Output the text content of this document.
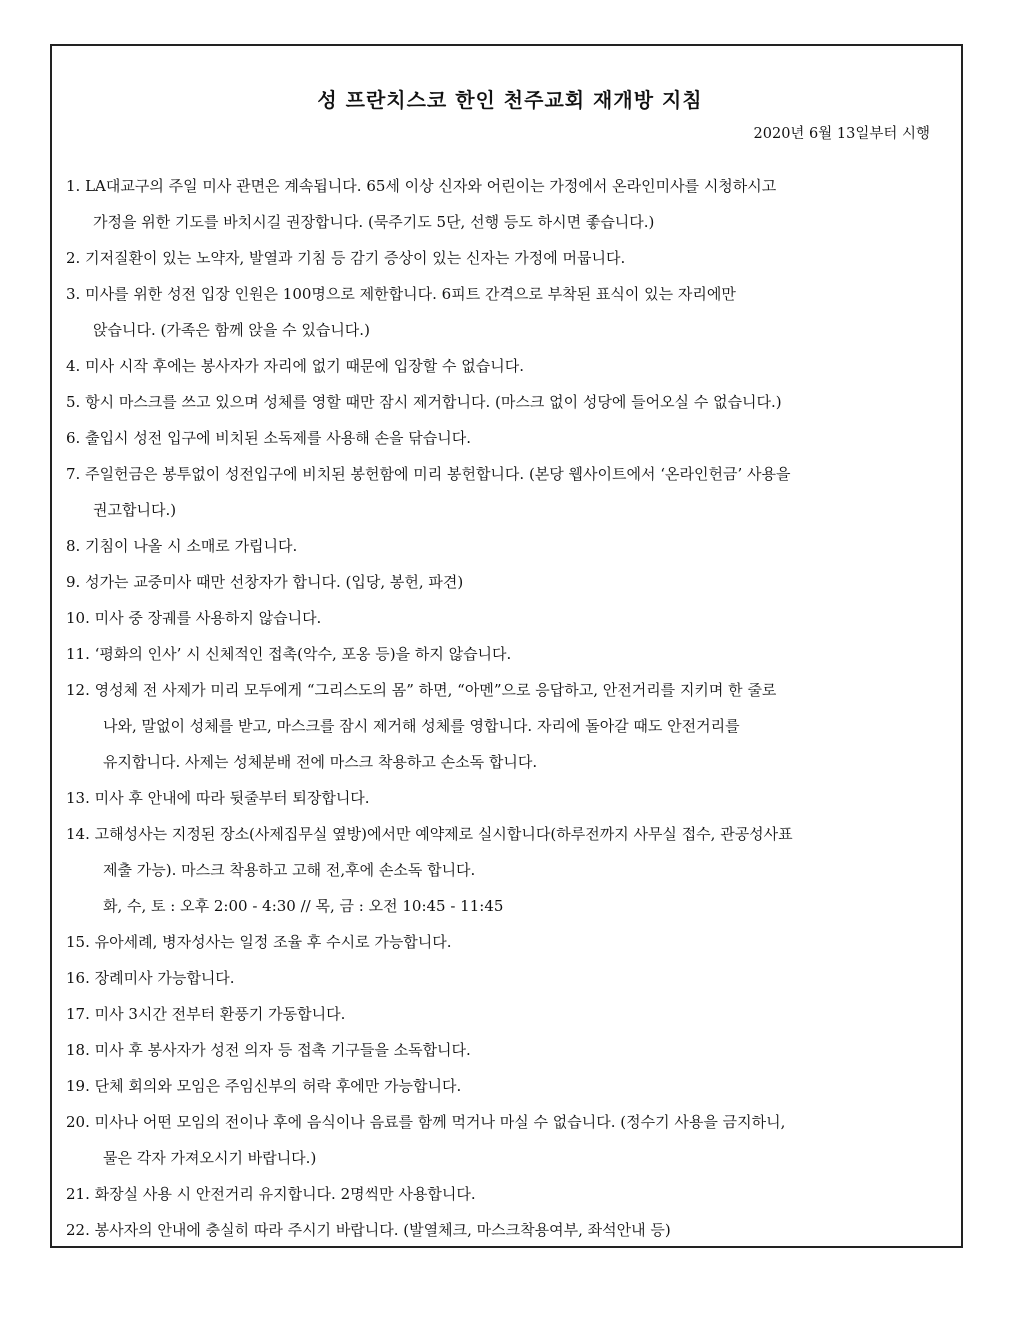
성 프란치스코 한인 천주교회 재개방 지침
2020년 6월 13일부터 시행
1. LA대교구의 주일 미사 관면은 계속됩니다. 65세 이상 신자와 어린이는 가정에서 온라인미사를 시청하시고
가정을 위한 기도를 바치시길 권장합니다. (묵주기도 5단, 선행 등도 하시면 좋습니다.)
2. 기저질환이 있는 노약자, 발열과 기침 등 감기 증상이 있는 신자는 가정에 머뭅니다.
3. 미사를 위한 성전 입장 인원은 100명으로 제한합니다. 6피트 간격으로 부착된 표식이 있는 자리에만
앉습니다. (가족은 함께 앉을 수 있습니다.)
4. 미사 시작 후에는 봉사자가 자리에 없기 때문에 입장할 수 없습니다.
5. 항시 마스크를 쓰고 있으며 성체를 영할 때만 잠시 제거합니다. (마스크 없이 성당에 들어오실 수 없습니다.)
6. 출입시 성전 입구에 비치된 소독제를 사용해 손을 닦습니다.
7. 주일헌금은 봉투없이 성전입구에 비치된 봉헌함에 미리 봉헌합니다. (본당 웹사이트에서 ‘온라인헌금’ 사용을
권고합니다.)
8. 기침이 나올 시 소매로 가립니다.
9. 성가는 교중미사 때만 선창자가 합니다. (입당, 봉헌, 파견)
10. 미사 중 장궤를 사용하지 않습니다.
11. ‘평화의 인사’ 시 신체적인 접촉(악수, 포옹 등)을 하지 않습니다.
12. 영성체 전 사제가 미리 모두에게 “그리스도의 몸” 하면, “아멘”으로 응답하고, 안전거리를 지키며 한 줄로
나와, 말없이 성체를 받고, 마스크를 잠시 제거해 성체를 영합니다. 자리에 돌아갈 때도 안전거리를
유지합니다. 사제는 성체분배 전에 마스크 착용하고 손소독 합니다.
13. 미사 후 안내에 따라 뒷줄부터 퇴장합니다.
14. 고해성사는 지정된 장소(사제집무실 옆방)에서만 예약제로 실시합니다(하루전까지 사무실 접수, 관공성사표
제출 가능). 마스크 착용하고 고해 전,후에 손소독 합니다.
화, 수, 토 : 오후 2:00 - 4:30 // 목, 금 : 오전 10:45 - 11:45
15. 유아세례, 병자성사는 일정 조율 후 수시로 가능합니다.
16. 장례미사 가능합니다.
17. 미사 3시간 전부터 환풍기 가동합니다.
18. 미사 후 봉사자가 성전 의자 등 접촉 기구들을 소독합니다.
19. 단체 회의와 모임은 주임신부의 허락 후에만 가능합니다.
20. 미사나 어떤 모임의 전이나 후에 음식이나 음료를 함께 먹거나 마실 수 없습니다. (정수기 사용을 금지하니,
물은 각자 가져오시기 바랍니다.)
21. 화장실 사용 시 안전거리 유지합니다. 2명씩만 사용합니다.
22. 봉사자의 안내에 충실히 따라 주시기 바랍니다. (발열체크, 마스크착용여부, 좌석안내 등)
